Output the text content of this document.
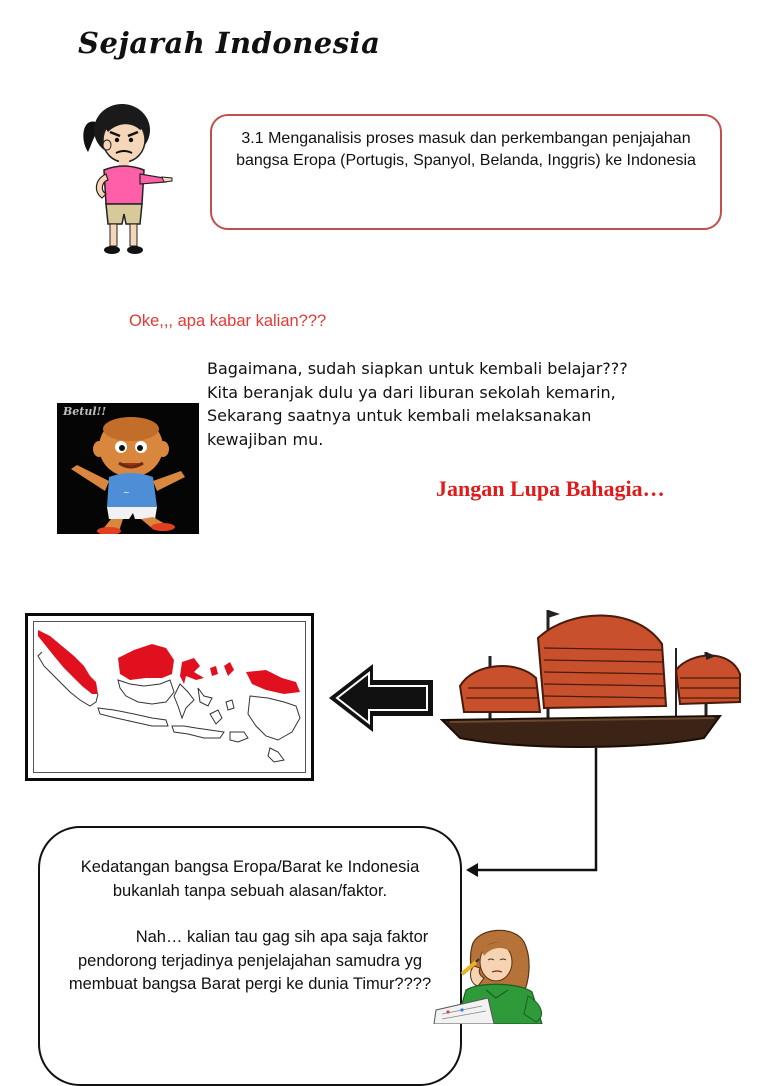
Sejarah Indonesia
3.1 Menganalisis proses masuk dan perkembangan penjajahan bangsa Eropa (Portugis, Spanyol, Belanda, Inggris) ke Indonesia
Oke,,, apa kabar kalian???
Bagaimana, sudah siapkan untuk kembali belajar???
Kita beranjak dulu ya dari liburan sekolah kemarin,
Sekarang saatnya untuk kembali melaksanakan
kewajiban mu.
Betul!!
~	Jangan Lupa Bahagia…

Kedatangan bangsa Eropa/Barat ke Indonesia bukanlah tanpa sebuah alasan/faktor.

Nah… kalian tau gag sih apa saja faktor pendorong terjadinya penjelajahan samudra yg membuat bangsa Barat pergi ke dunia Timur????
